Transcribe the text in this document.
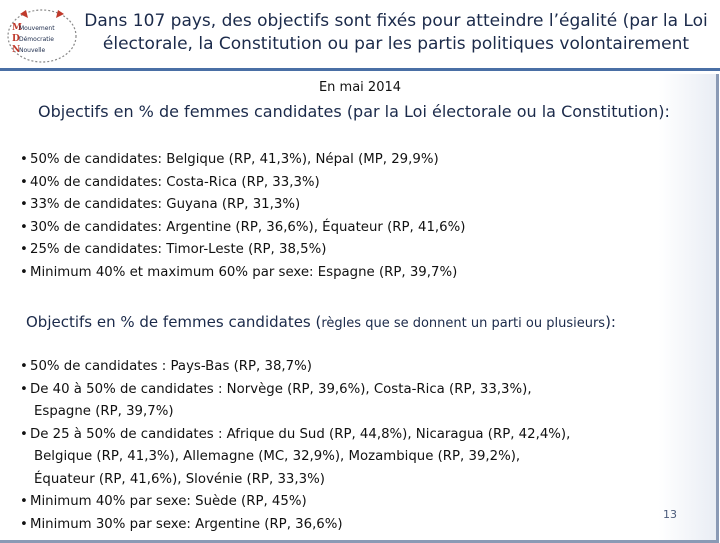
M
Mouvement
D Démocratie
N
Nouvelle
Dans 107 pays, des objectifs sont fixés pour atteindre l’égalité (par la Loi
électorale, la Constitution ou par les partis politiques volontairement
En mai 2014
Objectifs en % de femmes candidates (par la Loi électorale ou la Constitution):
• 50% de candidates: Belgique (RP, 41,3%), Népal (MP, 29,9%)
• 40% de candidates: Costa-Rica (RP, 33,3%)
• 33% de candidates: Guyana (RP, 31,3%)
• 30% de candidates: Argentine (RP, 36,6%), Équateur (RP, 41,6%)
• 25% de candidates: Timor-Leste (RP, 38,5%)
• Minimum 40% et maximum 60% par sexe: Espagne (RP, 39,7%)
Objectifs en % de femmes candidates (règles que se donnent un parti ou plusieurs):
• 50% de candidates : Pays-Bas (RP, 38,7%)
• De 40 à 50% de candidates : Norvège (RP, 39,6%), Costa-Rica (RP, 33,3%),
Espagne (RP, 39,7%)
• De 25 à 50% de candidates : Afrique du Sud (RP, 44,8%), Nicaragua (RP, 42,4%),
Belgique (RP, 41,3%), Allemagne (MC, 32,9%), Mozambique (RP, 39,2%),
Équateur (RP, 41,6%), Slovénie (RP, 33,3%)
• Minimum 40% par sexe: Suède (RP, 45%)
• Minimum 30% par sexe: Argentine (RP, 36,6%)
13
